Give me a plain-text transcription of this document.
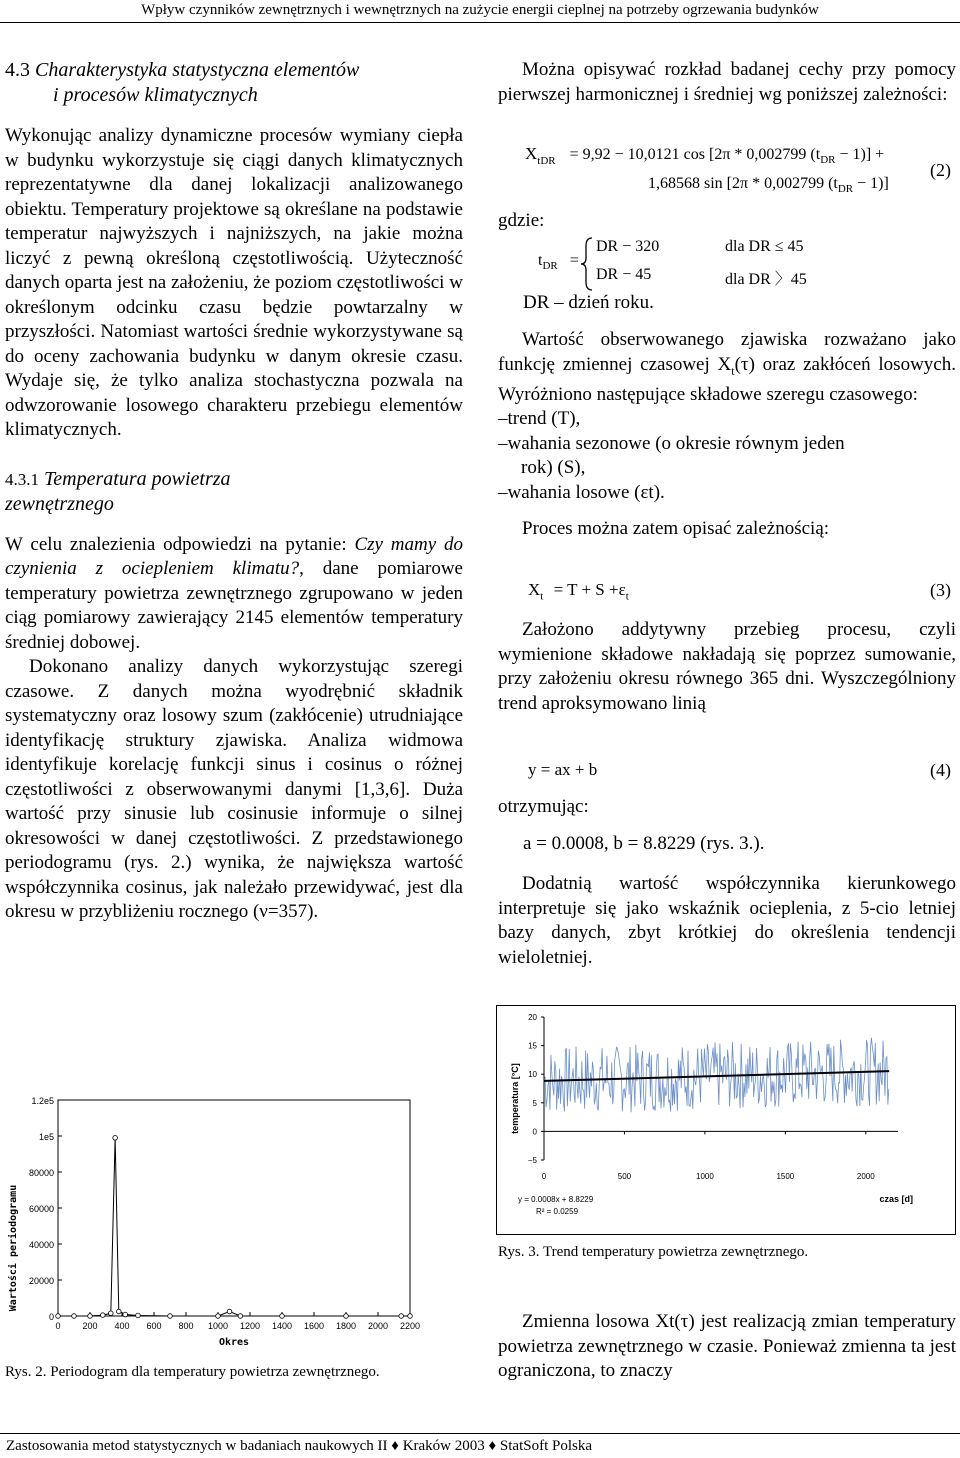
Wpływ czynników zewnętrznych i wewnętrznych na zużycie energii cieplnej na potrzeby ogrzewania budynków
4.3 Charakterystyka statystyczna elementów
i procesów klimatycznych

Wykonując analizy dynamiczne procesów wymiany ciepła w budynku wykorzystuje się ciągi danych klimatycznych reprezentatywne dla danej lokalizacji analizowanego obiektu. Temperatury projektowe są określane na podstawie temperatur najwyższych i najniższych, na jakie można liczyć z pewną określoną częstotliwością. Użyteczność danych oparta jest na założeniu, że poziom częstotliwości w określonym odcinku czasu będzie powtarzalny w przyszłości. Natomiast wartości średnie wykorzystywane są do oceny zachowania budynku w danym okresie czasu. Wydaje się, że tylko analiza stochastyczna pozwala na odwzorowanie losowego charakteru przebiegu elementów klimatycznych.

4.3.1 Temperatura powietrza
zewnętrznego

W celu znalezienia odpowiedzi na pytanie: Czy mamy do czynienia z ociepleniem klimatu?, dane pomiarowe temperatury powietrza zewnętrznego zgrupowano w jeden ciąg pomiarowy zawierający 2145 elementów temperatury średniej dobowej.

Dokonano analizy danych wykorzystując szeregi czasowe. Z danych można wyodrębnić składnik systematyczny oraz losowy szum (zakłócenie) utrudniające identyfikację struktury zjawiska. Analiza widmowa identyfikuje korelację funkcji sinus i cosinus o różnej częstotliwości z obserwowanymi danymi [1,3,6]. Duża wartość przy sinusie lub cosinusie informuje o silnej okresowości w danej częstotliwości. Z przedstawionego periodogramu (rys. 2.) wynika, że największa wartość współczynnika cosinus, jak należało przewidywać, jest dla okresu w przybliżeniu rocznego (ν=357).

0
20000
40000
60000
80000
1e5
1.2e5
0 200 400 600 800 1000 1200 1400 1600 1800 2000 2200
Okres
Wartości periodogramu
Rys. 2. Periodogram dla temperatury powietrza zewnętrznego.

Można opisywać rozkład badanej cechy przy pomocy pierwszej harmonicznej i średniej wg poniższej zależności:

$X_{tDR} = 9,92 - 10,0121$ cos [2π * 0,002799 $(t_{DR} - 1)$] +
1,68568 sin [2π * 0,002799 $(t_{DR} - 1)$]
(2)
gdzie:
$t_{DR}$ =
DR − 320	dla DR ≤ 45
DR − 45	dla DR 〉45
DR – dzień roku.

Wartość obserwowanego zjawiska rozważano jako funkcję zmiennej czasowej $X_t(\tau)$ oraz zakłóceń losowych. Wyróżniono następujące składowe szeregu czasowego:

–trend (T),
–wahania sezonowe (o okresie równym jeden
rok) (S),
–wahania losowe (εt).

Proces można zatem opisać zależnością:

$X_t = T + S +\varepsilon_t$	(3)

Założono addytywny przebieg procesu, czyli wymienione składowe nakładają się poprzez sumowanie, przy założeniu okresu równego 365 dni. Wyszczególniony trend aproksymowano linią

y = ax + b	(4)
otrzymując:
a = 0.0008, b = 8.8229 (rys. 3.).

Dodatnią wartość współczynnika kierunkowego interpretuje się jako wskaźnik ocieplenia, z 5-cio letniej bazy danych, zbyt krótkiej do określenia tendencji wieloletniej.

−5
0
5
10
15
20
0	500	1000	1500	2000
temperatura [°C]
czas [d]
y = 0.0008x + 8.8229
R² = 0.0259
Rys. 3. Trend temperatury powietrza zewnętrznego.

Zmienna losowa Xt(τ) jest realizacją zmian temperatury powietrza zewnętrznego w czasie. Ponieważ zmienna ta jest ograniczona, to znaczy

Zastosowania metod statystycznych w badaniach naukowych II ♦ Kraków 2003 ♦ StatSoft Polska
